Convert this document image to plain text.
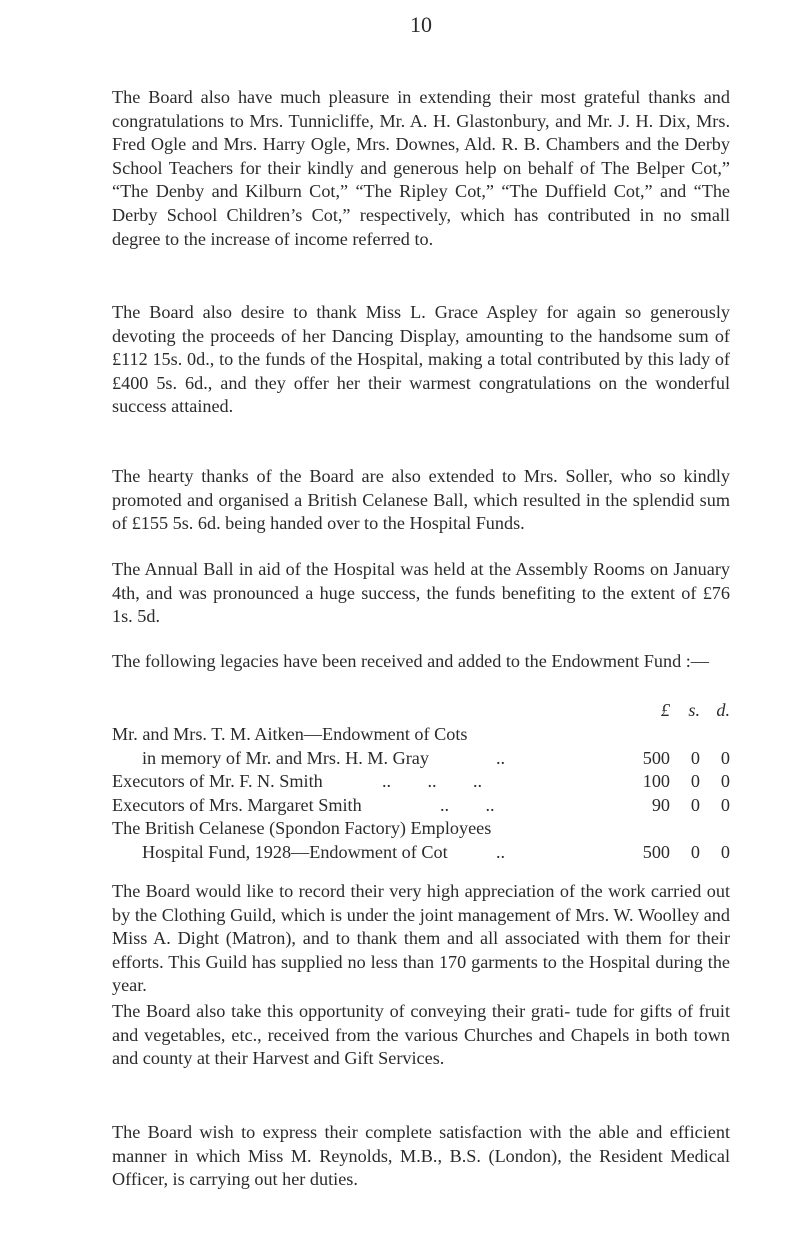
10

The Board also have much pleasure in extending their most grateful thanks and congratulations to Mrs. Tunnicliffe, Mr. A. H. Glastonbury, and Mr. J. H. Dix, Mrs. Fred Ogle and Mrs. Harry Ogle, Mrs. Downes, Ald. R. B. Chambers and the Derby School Teachers for their kindly and generous help on behalf of The Belper Cot,” “The Denby and Kilburn Cot,” “The Ripley Cot,” “The Duffield Cot,” and “The Derby School Children’s Cot,” respectively, which has contributed in no small degree to the increase of income referred to.

The Board also desire to thank Miss L. Grace Aspley for again so generously devoting the proceeds of her Dancing Display, amounting to the handsome sum of £112 15s. 0d., to the funds of the Hospital, making a total contributed by this lady of £400 5s. 6d., and they offer her their warmest congratulations on the wonderful success attained.

The hearty thanks of the Board are also extended to Mrs. Soller, who so kindly promoted and organised a British Celanese Ball, which resulted in the splendid sum of £155 5s. 6d. being handed over to the Hospital Funds.

The Annual Ball in aid of the Hospital was held at the Assembly Rooms on January 4th, and was pronounced a huge success, the funds benefiting to the extent of £76 1s. 5d.

The following legacies have been received and added to the Endowment Fund :—

£	s. d.
Mr. and Mrs. T. M. Aitken—Endowment of Cots
in memory of Mr. and Mrs. H. M. Gray	..	500	0	0
Executors of Mr. F. N. Smith	..        ..        ..	100	0	0
Executors of Mrs. Margaret Smith	..        ..	90	0	0
The British Celanese (Spondon Factory) Employees
Hospital Fund, 1928—Endowment of Cot	..	500	0	0

The Board would like to record their very high appreciation of the work carried out by the Clothing Guild, which is under the joint management of Mrs. W. Woolley and Miss A. Dight (Matron), and to thank them and all associated with them for their efforts. This Guild has supplied no less than 170 garments to the Hospital during the year.

The Board also take this opportunity of conveying their grati- tude for gifts of fruit and vegetables, etc., received from the various Churches and Chapels in both town and county at their Harvest and Gift Services.

The Board wish to express their complete satisfaction with the able and efficient manner in which Miss M. Reynolds, M.B., B.S. (London), the Resident Medical Officer, is carrying out her duties.
